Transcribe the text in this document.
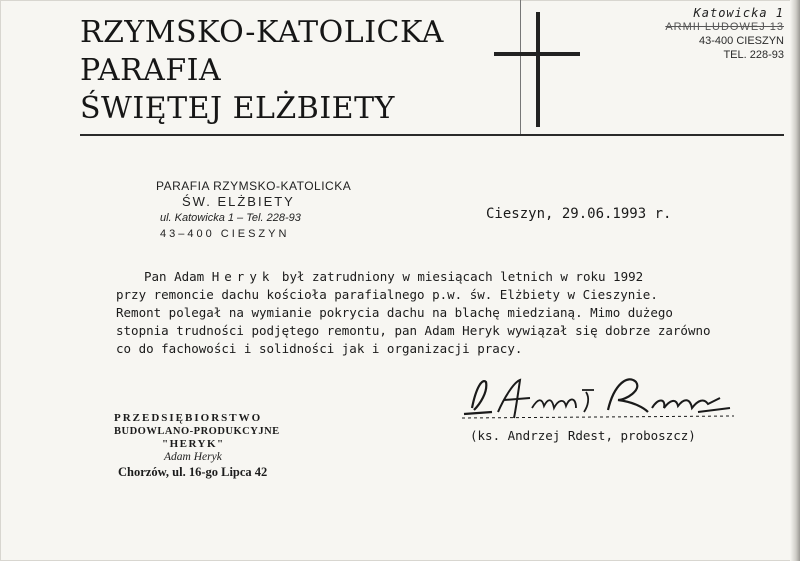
RZYMSKO-KATOLICKA
PARAFIA
ŚWIĘTEJ ELŻBIETY
Katowicka 1
ARMII LUDOWEJ 13
43-400 CIESZYN
TEL. 228-93
PARAFIA RZYMSKO-KATOLICKA
ŚW. ELŻBIETY
ul. Katowicka 1 – Tel. 228-93
43–400 CIESZYN
Cieszyn, 29.06.1993 r.
Pan Adam Heryk był zatrudniony w miesiącach letnich w roku 1992
przy remoncie dachu kościoła parafialnego p.w. św. Elżbiety w Cieszynie.
Remont polegał na wymianie pokrycia dachu na blachę miedzianą. Mimo dużego
stopnia trudności podjętego remontu, pan Adam Heryk wywiązał się dobrze zarówno
co do fachowości i solidności jak i organizacji pracy.
(ks. Andrzej Rdest, proboszcz)
PRZEDSIĘBIORSTWO
BUDOWLANO-PRODUKCYJNE
"HERYK"
Adam Heryk
Chorzów, ul. 16-go Lipca 42
